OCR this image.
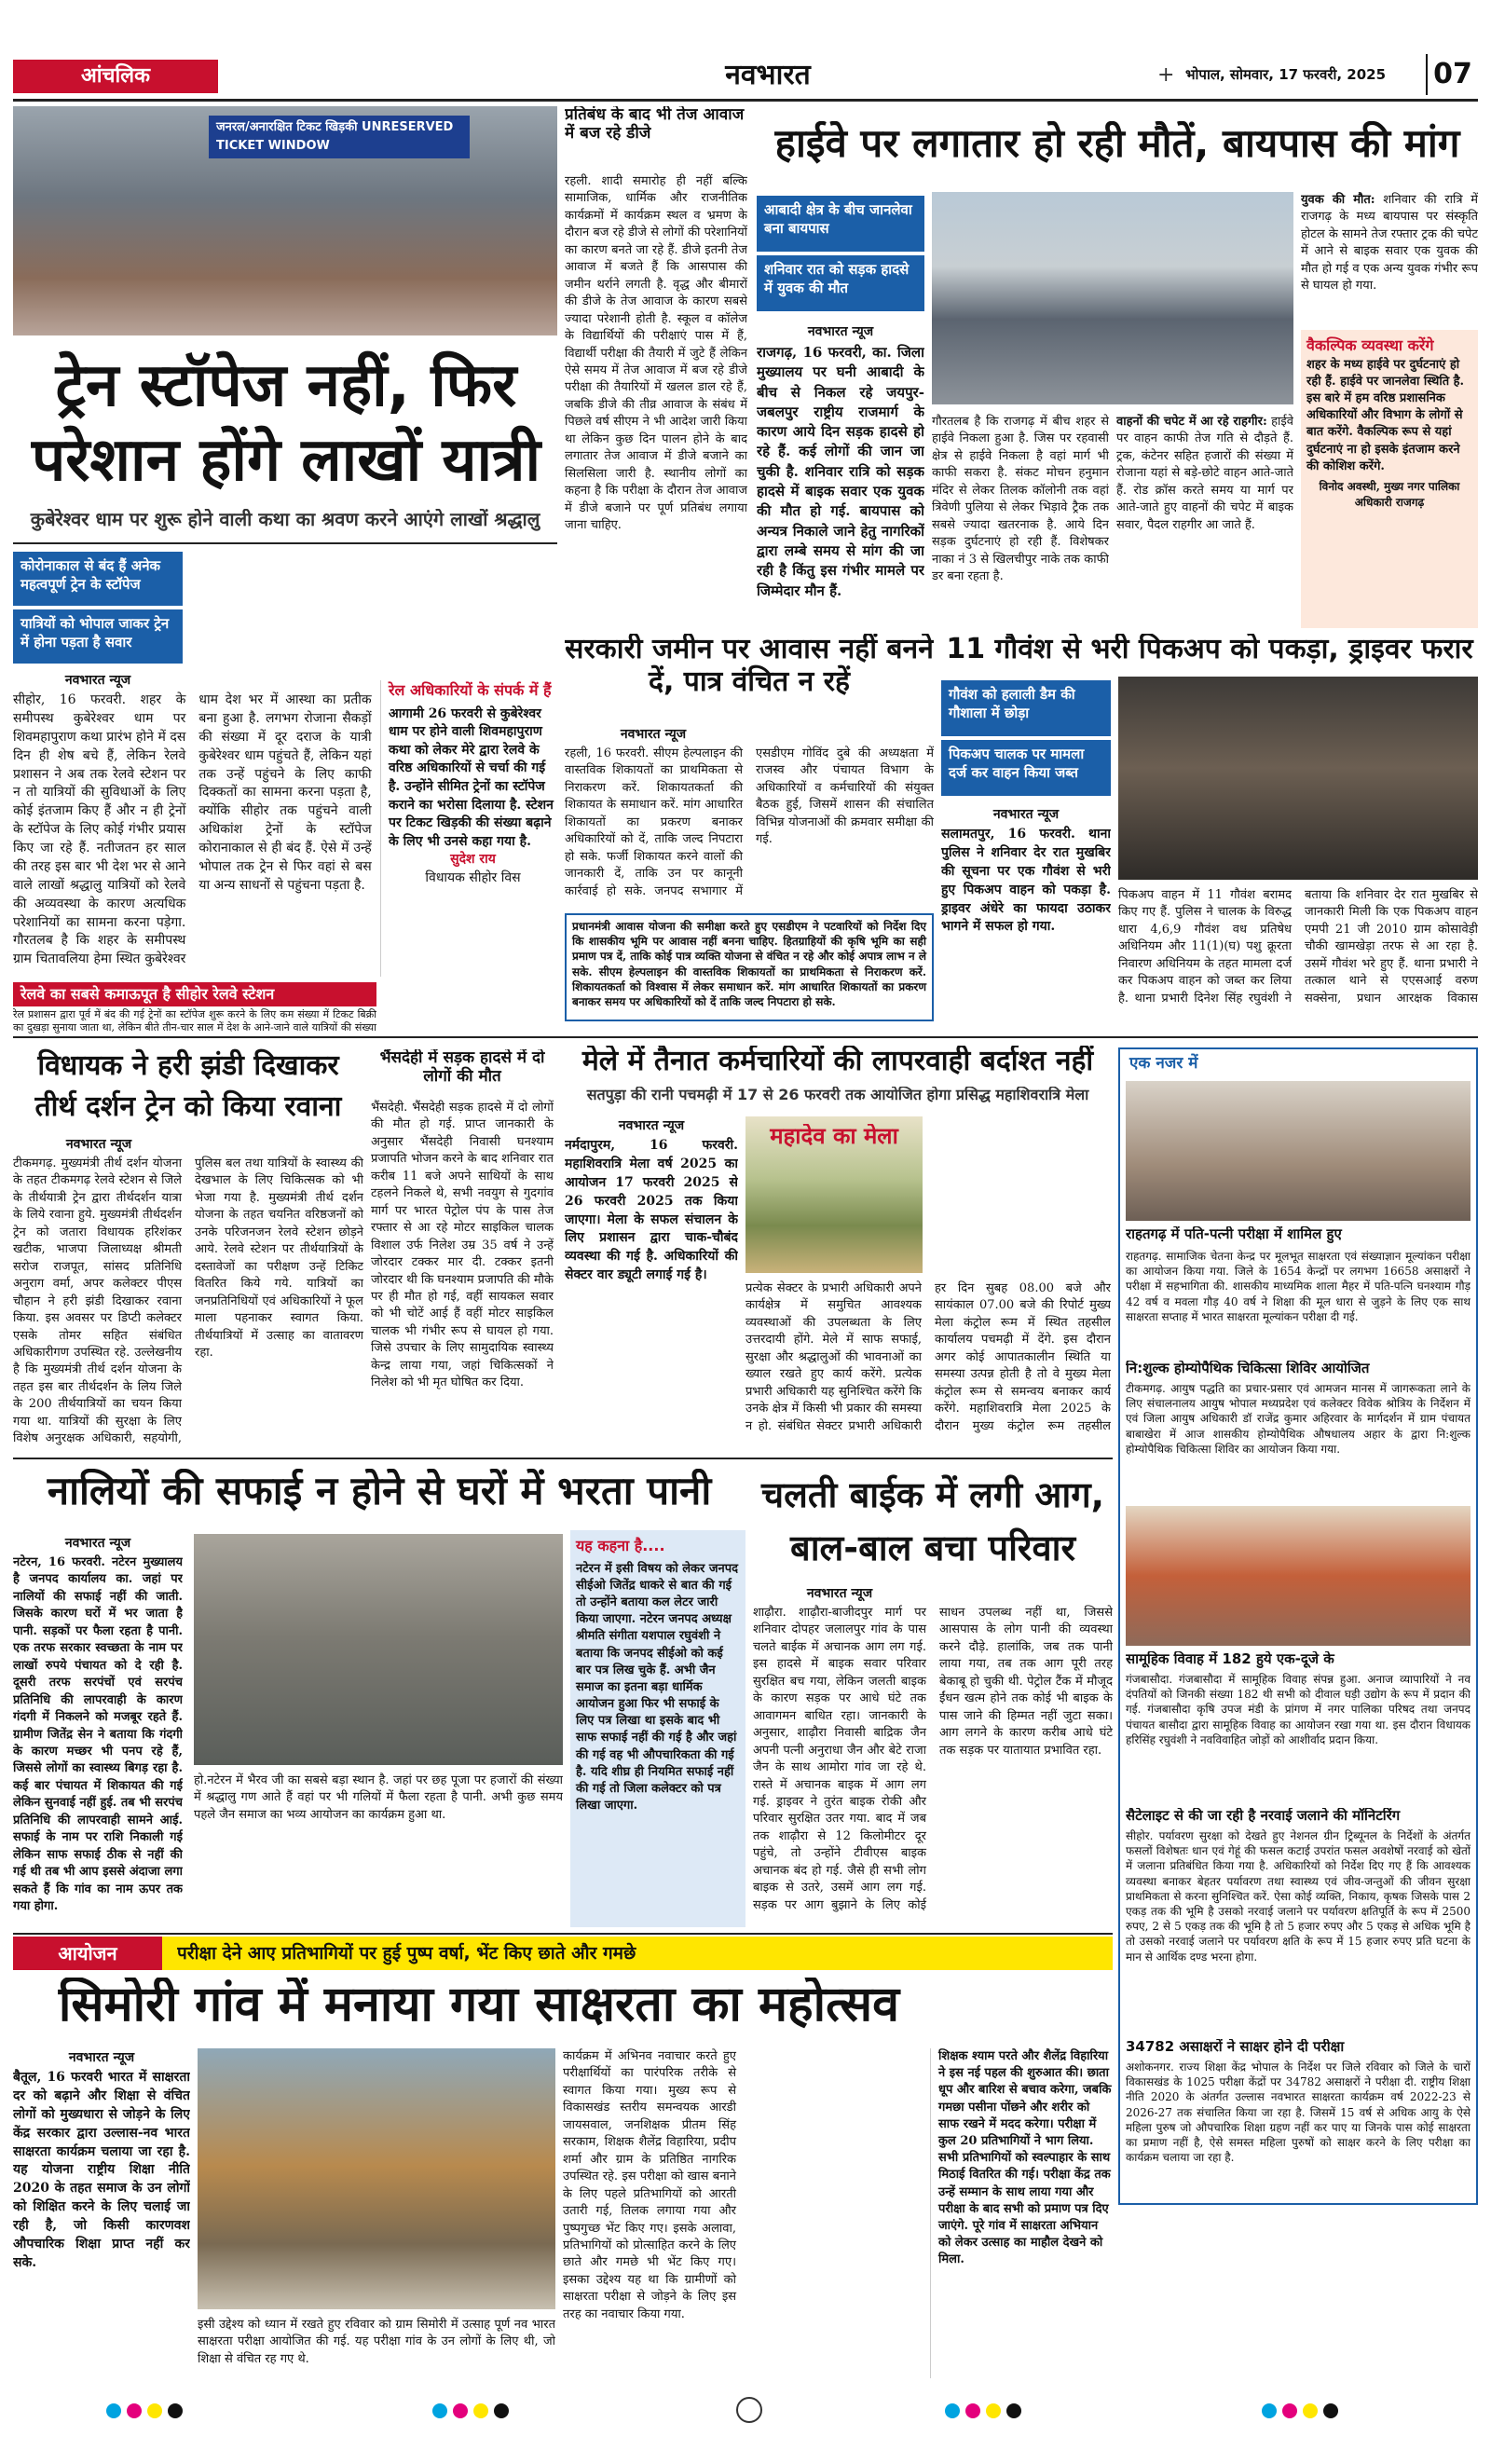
आंचलिक	नवभारत	+ भोपाल, सोमवार, 17 फरवरी, 2025	07
जनरल/अनारक्षित टिकट खिड़की UNRESERVED TICKET WINDOW
ट्रेन स्टॉपेज नहीं, फिर परेशान होंगे लाखों यात्री
कुबेरेश्वर धाम पर शुरू होने वाली कथा का श्रवण करने आएंगे लाखों श्रद्धालु
कोरोनाकाल से बंद हैं अनेक महत्वपूर्ण ट्रेन के स्टॉपेज
यात्रियों को भोपाल जाकर ट्रेन में होना पड़ता है सवार
नवभारत न्यूज
सीहोर, 16 फरवरी. शहर के समीपस्थ कुबेरेश्वर धाम पर शिवमहापुराण कथा प्रारंभ होने में दस दिन ही शेष बचे हैं, लेकिन रेलवे प्रशासन ने अब तक रेलवे स्टेशन पर न तो यात्रियों की सुविधाओं के लिए कोई इंतजाम किए हैं और न ही ट्रेनों के स्टॉपेज के लिए कोई गंभीर प्रयास किए जा रहे हैं. नतीजतन हर साल की तरह इस बार भी देश भर से आने वाले लाखों श्रद्धालु यात्रियों को रेलवे की अव्यवस्था के कारण अत्यधिक परेशानियों का सामना करना पड़ेगा. गौरतलब है कि शहर के समीपस्थ ग्राम चितावलिया हेमा स्थित कुबेरेश्वर धाम देश भर में आस्था का प्रतीक बना हुआ है. लगभग रोजाना सैकड़ों की संख्या में दूर दराज के यात्री कुबेरेश्वर धाम पहुंचते हैं, लेकिन यहां तक उन्हें पहुंचने के लिए काफी दिक्कतों का सामना करना पड़ता है, क्योंकि सीहोर तक पहुंचने वाली अधिकांश ट्रेनों के स्टॉपेज कोरानाकाल से ही बंद हैं. ऐसे में उन्हें भोपाल तक ट्रेन से फिर वहां से बस या अन्य साधनों से पहुंचना पड़ता है.
रेल अधिकारियों के संपर्क में हैं
आगामी 26 फरवरी से कुबेरेश्वर धाम पर होने वाली शिवमहापुराण कथा को लेकर मेरे द्वारा रेलवे के वरिष्ठ अधिकारियों से चर्चा की गई है. उन्होंने सीमित ट्रेनों का स्टॉपेज कराने का भरोसा दिलाया है. स्टेशन पर टिकट खिड़की की संख्या बढ़ाने के लिए भी उनसे कहा गया है.
सुदेश राय
विधायक सीहोर विस
रेलवे का सबसे कमाऊपूत है सीहोर रेलवे स्टेशन
रेल प्रशासन द्वारा पूर्व में बंद की गई ट्रेनों का स्टॉपेज शुरू करने के लिए कम संख्या में टिकट बिक्री का दुखड़ा सुनाया जाता था, लेकिन बीते तीन-चार साल में देश के आने-जाने वाले यात्रियों की संख्या
प्रतिबंध के बाद भी तेज आवाज में बज रहे डीजे
रहली. शादी समारोह ही नहीं बल्कि सामाजिक, धार्मिक और राजनीतिक कार्यक्रमों में कार्यक्रम स्थल व भ्रमण के दौरान बज रहे डीजे से लोगों की परेशानियों का कारण बनते जा रहे हैं. डीजे इतनी तेज आवाज में बजते हैं कि आसपास की जमीन थर्राने लगती है. वृद्ध और बीमारों की डीजे के तेज आवाज के कारण सबसे ज्यादा परेशानी होती है. स्कूल व कॉलेज के विद्यार्थियों की परीक्षाएं पास में हैं, विद्यार्थी परीक्षा की तैयारी में जुटे हैं लेकिन ऐसे समय में तेज आवाज में बज रहे डीजे परीक्षा की तैयारियों में खलल डाल रहे हैं, जबकि डीजे की तीव्र आवाज के संबंध में पिछले वर्ष सीएम ने भी आदेश जारी किया था लेकिन कुछ दिन पालन होने के बाद लगातार तेज आवाज में डीजे बजाने का सिलसिला जारी है. स्थानीय लोगों का कहना है कि परीक्षा के दौरान तेज आवाज में डीजे बजाने पर पूर्ण प्रतिबंध लगाया जाना चाहिए.
हाईवे पर लगातार हो रही मौतें, बायपास की मांग
आबादी क्षेत्र के बीच जानलेवा बना बायपास
शनिवार रात को सड़क हादसे में युवक की मौत
नवभारत न्यूज
राजगढ़, 16 फरवरी, का. जिला मुख्यालय पर घनी आबादी के बीच से निकल रहे जयपुर-जबलपुर राष्ट्रीय राजमार्ग के कारण आये दिन सड़क हादसे हो रहे हैं. कई लोगों की जान जा चुकी है. शनिवार रात्रि को सड़क हादसे में बाइक सवार एक युवक की मौत हो गई. बायपास को अन्यत्र निकाले जाने हेतु नागरिकों द्वारा लम्बे समय से मांग की जा रही है किंतु इस गंभीर मामले पर जिम्मेदार मौन हैं.
गौरतलब है कि राजगढ़ में बीच शहर से हाईवे निकला हुआ है. जिस पर रहवासी क्षेत्र से हाईवे निकला है वहां मार्ग भी काफी सकरा है. संकट मोचन हनुमान मंदिर से लेकर तिलक कॉलोनी तक वहां त्रिवेणी पुलिया से लेकर भिड़ावे ट्रैक तक सबसे ज्यादा खतरनाक है. आये दिन सड़क दुर्घटनाएं हो रही हैं. विशेषकर नाका नं 3 से खिलचीपुर नाके तक काफी डर बना रहता है.
वाहनों की चपेट में आ रहे राहगीर: हाईवे पर वाहन काफी तेज गति से दौड़ते हैं. ट्रक, कंटेनर सहित हजारों की संख्या में रोजाना यहां से बड़े-छोटे वाहन आते-जाते हैं. रोड क्रॉस करते समय या मार्ग पर आते-जाते हुए वाहनों की चपेट में बाइक सवार, पैदल राहगीर आ जाते हैं.
युवक की मौत: शनिवार की रात्रि में राजगढ़ के मध्य बायपास पर संस्कृति होटल के सामने तेज रफ्तार ट्रक की चपेट में आने से बाइक सवार एक युवक की मौत हो गई व एक अन्य युवक गंभीर रूप से घायल हो गया.
वैकल्पिक व्यवस्था करेंगे
शहर के मध्य हाईवे पर दुर्घटनाएं हो रही हैं. हाईवे पर जानलेवा स्थिति है. इस बारे में हम वरिष्ठ प्रशासनिक अधिकारियों और विभाग के लोगों से बात करेंगे. वैकल्पिक रूप से यहां दुर्घटनाएं ना हो इसके इंतजाम करने की कोशिश करेंगे.
विनोद अवस्थी, मुख्य नगर पालिका अधिकारी राजगढ़
सरकारी जमीन पर आवास नहीं बनने दें, पात्र वंचित न रहें
नवभारत न्यूज
रहली, 16 फरवरी. सीएम हेल्पलाइन की वास्तविक शिकायतों का प्राथमिकता से निराकरण करें. शिकायतकर्ता की शिकायत के समाधान करें. मांग आधारित शिकायतों का प्रकरण बनाकर अधिकारियों को दें, ताकि जल्द निपटारा हो सके. फर्जी शिकायत करने वालों की जानकारी दें, ताकि उन पर कानूनी कार्रवाई हो सके. जनपद सभागार में एसडीएम गोविंद दुबे की अध्यक्षता में राजस्व और पंचायत विभाग के अधिकारियों व कर्मचारियों की संयुक्त बैठक हुई, जिसमें शासन की संचालित विभिन्न योजनाओं की क्रमवार समीक्षा की गई.
प्रधानमंत्री आवास योजना की समीक्षा करते हुए एसडीएम ने पटवारियों को निर्देश दिए कि शासकीय भूमि पर आवास नहीं बनना चाहिए. हितग्राहियों की कृषि भूमि का सही प्रमाण पत्र दें, ताकि कोई पात्र व्यक्ति योजना से वंचित न रहे और कोई अपात्र लाभ न ले सके. सीएम हेल्पलाइन की वास्तविक शिकायतों का प्राथमिकता से निराकरण करें. शिकायतकर्ता को विश्वास में लेकर समाधान करें. मांग आधारित शिकायतों का प्रकरण बनाकर समय पर अधिकारियों को दें ताकि जल्द निपटारा हो सके.
11 गौवंश से भरी पिकअप को पकड़ा, ड्राइवर फरार
गौवंश को हलाली डैम की गौशाला में छोड़ा
पिकअप चालक पर मामला दर्ज कर वाहन किया जब्त
नवभारत न्यूज
सलामतपुर, 16 फरवरी. थाना पुलिस ने शनिवार देर रात मुखबिर की सूचना पर एक गौवंश से भरी हुए पिकअप वाहन को पकड़ा है. ड्राइवर अंधेरे का फायदा उठाकर भागने में सफल हो गया.
पिकअप वाहन में 11 गौवंश बरामद किए गए हैं. पुलिस ने चालक के विरुद्ध धारा 4,6,9 गौवंश वध प्रतिषेध अधिनियम और 11(1)(घ) पशु क्रूरता निवारण अधिनियम के तहत मामला दर्ज कर पिकअप वाहन को जब्त कर लिया है. थाना प्रभारी दिनेश सिंह रघुवंशी ने बताया कि शनिवार देर रात मुखबिर से जानकारी मिली कि एक पिकअप वाहन एमपी 21 जी 2010 ग्राम कोसावेड़ी चौकी खामखेड़ा तरफ से आ रहा है. उसमें गौवंश भरे हुए हैं. थाना प्रभारी ने तत्काल थाने से एएसआई वरुण सक्सेना, प्रधान आरक्षक विकास
विधायक ने हरी झंडी दिखाकर तीर्थ दर्शन ट्रेन को किया रवाना
नवभारत न्यूज
टीकमगढ़. मुख्यमंत्री तीर्थ दर्शन योजना के तहत टीकमगढ़ रेलवे स्टेशन से जिले के तीर्थयात्री ट्रेन द्वारा तीर्थदर्शन यात्रा के लिये रवाना हुये. मुख्यमंत्री तीर्थदर्शन ट्रेन को जतारा विधायक हरिशंकर खटीक, भाजपा जिलाध्यक्ष श्रीमती सरोज राजपूत, सांसद प्रतिनिधि अनुराग वर्मा, अपर कलेक्टर पीएस चौहान ने हरी झंडी दिखाकर रवाना किया. इस अवसर पर डिप्टी कलेक्टर एसके तोमर सहित संबंधित अधिकारीगण उपस्थित रहे. उल्लेखनीय है कि मुख्यमंत्री तीर्थ दर्शन योजना के तहत इस बार तीर्थदर्शन के लिय जिले के 200 तीर्थयात्रियों का चयन किया गया था. यात्रियों की सुरक्षा के लिए विशेष अनुरक्षक अधिकारी, सहयोगी, पुलिस बल तथा यात्रियों के स्वास्थ्य की देखभाल के लिए चिकित्सक को भी भेजा गया है. मुख्यमंत्री तीर्थ दर्शन योजना के तहत चयनित वरिष्ठजनों को उनके परिजनजन रेलवे स्टेशन छोड़ने आये. रेलवे स्टेशन पर तीर्थयात्रियों के दस्तावेजों का परीक्षण उन्हें टिकिट वितरित किये गये. यात्रियों का जनप्रतिनिधियों एवं अधिकारियों ने फूल माला पहनाकर स्वागत किया. तीर्थयात्रियों में उत्साह का वातावरण रहा.
भैंसदेही में सड़क हादसे में दो लोगों की मौत
भैंसदेही. भैंसदेही सड़क हादसे में दो लोगों की मौत हो गई. प्राप्त जानकारी के अनुसार भैंसदेही निवासी घनश्याम प्रजापति भोजन करने के बाद शनिवार रात करीब 11 बजे अपने साथियों के साथ टहलने निकले थे, सभी नवयुग से गुदगांव मार्ग पर भारत पेट्रोल पंप के पास तेज रफ्तार से आ रहे मोटर साइकिल चालक विशाल उर्फ निलेश उम्र 35 वर्ष ने उन्हें जोरदार टक्कर मार दी. टक्कर इतनी जोरदार थी कि घनश्याम प्रजापति की मौके पर ही मौत हो गई, वहीं सायकल सवार को भी चोटें आई हैं वहीं मोटर साइकिल चालक भी गंभीर रूप से घायल हो गया. जिसे उपचार के लिए सामुदायिक स्वास्थ्य केन्द्र लाया गया, जहां चिकित्सकों ने निलेश को भी मृत घोषित कर दिया.
मेले में तैनात कर्मचारियों की लापरवाही बर्दाश्त नहीं
सतपुड़ा की रानी पचमढ़ी में 17 से 26 फरवरी तक आयोजित होगा प्रसिद्ध महाशिवरात्रि मेला
नवभारत न्यूज
नर्मदापुरम, 16 फरवरी. महाशिवरात्रि मेला वर्ष 2025 का आयोजन 17 फरवरी 2025 से 26 फरवरी 2025 तक किया जाएगा। मेला के सफल संचालन के लिए प्रशासन द्वारा चाक-चौबंद व्यवस्था की गई है. अधिकारियों की सेक्टर वार ड्यूटी लगाई गई है।
महादेव का मेला
प्रत्येक सेक्टर के प्रभारी अधिकारी अपने कार्यक्षेत्र में समुचित आवश्यक व्यवस्थाओं की उपलब्धता के लिए उत्तरदायी होंगे. मेले में साफ सफाई, सुरक्षा और श्रद्धालुओं की भावनाओं का ख्याल रखते हुए कार्य करेंगे. प्रत्येक प्रभारी अधिकारी यह सुनिश्चित करेंगे कि उनके क्षेत्र में किसी भी प्रकार की समस्या न हो. संबंधित सेक्टर प्रभारी अधिकारी हर दिन सुबह 08.00 बजे और सायंकाल 07.00 बजे की रिपोर्ट मुख्य मेला कंट्रोल रूम में स्थित तहसील कार्यालय पचमढ़ी में देंगे. इस दौरान अगर कोई आपातकालीन स्थिति या समस्या उत्पन्न होती है तो वे मुख्य मेला कंट्रोल रूम से समन्वय बनाकर कार्य करेंगे. महाशिवरात्रि मेला 2025 के दौरान मुख्य कंट्रोल रूम तहसील
एक नजर में
राहतगढ़ में पति-पत्नी परीक्षा में शामिल हुए
राहतगढ़. सामाजिक चेतना केन्द्र पर मूलभूत साक्षरता एवं संख्याज्ञान मूल्यांकन परीक्षा का आयोजन किया गया. जिले के 1654 केन्द्रों पर लगभग 16658 असाक्षरों ने परीक्षा में सहभागिता की. शासकीय माध्यमिक शाला मैहर में पति-पत्नि घनश्याम गौड़ 42 वर्ष व मवला गौड़ 40 वर्ष ने शिक्षा की मूल धारा से जुड़ने के लिए एक साथ साक्षरता सप्ताह में भारत साक्षरता मूल्यांकन परीक्षा दी गई.
नि:शुल्क होम्योपैथिक चिकित्सा शिविर आयोजित
टीकमगढ़. आयुष पद्धति का प्रचार-प्रसार एवं आमजन मानस में जागरूकता लाने के लिए संचालनालय आयुष भोपाल मध्यप्रदेश एवं कलेक्टर विवेक श्रोत्रिय के निर्देशन में एवं जिला आयुष अधिकारी डॉ राजेंद्र कुमार अहिरवार के मार्गदर्शन में ग्राम पंचायत बाबाखेरा में आज शासकीय होम्योपैथिक औषधालय अहार के द्वारा नि:शुल्क होम्योपैथिक चिकित्सा शिविर का आयोजन किया गया.
सामूहिक विवाह में 182 हुये एक-दूजे के
गंजबासौदा. गंजबासौदा में सामूहिक विवाह संपन्न हुआ. अनाज व्यापारियों ने नव दंपतियों को जिनकी संख्या 182 थी सभी को दीवाल घड़ी उद्योग के रूप में प्रदान की गई. गंजबासौदा कृषि उपज मंडी के प्रांगण में नगर पालिका परिषद तथा जनपद पंचायत बासौदा द्वारा सामूहिक विवाह का आयोजन रखा गया था. इस दौरान विधायक हरिसिंह रघुवंशी ने नवविवाहित जोड़ों को आशीर्वाद प्रदान किया.
सैटेलाइट से की जा रही है नरवाई जलाने की मॉनिटरिंग
सीहोर. पर्यावरण सुरक्षा को देखते हुए नेशनल ग्रीन ट्रिब्यूनल के निर्देशों के अंतर्गत फसलों विशेषतः धान एवं गेहूं की फसल कटाई उपरांत फसल अवशेषों नरवाई को खेतों में जलाना प्रतिबंधित किया गया है. अधिकारियों को निर्देश दिए गए हैं कि आवश्यक व्यवस्था बनाकर बेहतर पर्यावरण तथा स्वास्थ्य एवं जीव-जन्तुओं की जीवन सुरक्षा प्राथमिकता से करना सुनिश्चित करें. ऐसा कोई व्यक्ति, निकाय, कृषक जिसके पास 2 एकड़ तक की भूमि है उसको नरवाई जलाने पर पर्यावरण क्षतिपूर्ति के रूप में 2500 रुपए, 2 से 5 एकड़ तक की भूमि है तो 5 हजार रुपए और 5 एकड़ से अधिक भूमि है तो उसको नरवाई जलाने पर पर्यावरण क्षति के रूप में 15 हजार रुपए प्रति घटना के मान से आर्थिक दण्ड भरना होगा.
34782 असाक्षरों ने साक्षर होने दी परीक्षा
अशोकनगर. राज्य शिक्षा केंद्र भोपाल के निर्देश पर जिले रविवार को जिले के चारों विकासखंड के 1025 परीक्षा केंद्रों पर 34782 असाक्षरों ने परीक्षा दी. राष्ट्रीय शिक्षा नीति 2020 के अंतर्गत उल्लास नवभारत साक्षरता कार्यक्रम वर्ष 2022-23 से 2026-27 तक संचालित किया जा रहा है. जिसमें 15 वर्ष से अधिक आयु के ऐसे महिला पुरुष जो औपचारिक शिक्षा ग्रहण नहीं कर पाए या जिनके पास कोई साक्षरता का प्रमाण नहीं है, ऐसे समस्त महिला पुरुषों को साक्षर करने के लिए परीक्षा का कार्यक्रम चलाया जा रहा है.
नालियों की सफाई न होने से घरों में भरता पानी
नवभारत न्यूज
नटेरन, 16 फरवरी. नटेरन मुख्यालय है जनपद कार्यालय का. जहां पर नालियों की सफाई नहीं की जाती. जिसके कारण घरों में भर जाता है पानी. सड़कों पर फैला रहता है पानी. एक तरफ सरकार स्वच्छता के नाम पर लाखों रुपये पंचायत को दे रही है. दूसरी तरफ सरपंचों एवं सरपंच प्रतिनिधि की लापरवाही के कारण गंदगी में निकलने को मजबूर रहते हैं. ग्रामीण जितेंद्र सेन ने बताया कि गंदगी के कारण मच्छर भी पनप रहे हैं, जिससे लोगों का स्वास्थ्य बिगड़ रहा है. कई बार पंचायत में शिकायत की गई लेकिन सुनवाई नहीं हुई. तब भी सरपंच प्रतिनिधि की लापरवाही सामने आई. सफाई के नाम पर राशि निकाली गई लेकिन साफ सफाई ठीक से नहीं की गई थी तब भी आप इससे अंदाजा लगा सकते हैं कि गांव का नाम ऊपर तक गया होगा.
हो.नटेरन में भैरव जी का सबसे बड़ा स्थान है. जहां पर छह पूजा पर हजारों की संख्या में श्रद्धालु गण आते हैं वहां पर भी गलियों में फैला रहता है पानी. अभी कुछ समय पहले जैन समाज का भव्य आयोजन का कार्यक्रम हुआ था.
यह कहना है....
नटेरन में इसी विषय को लेकर जनपद सीईओ जितेंद्र धाकरे से बात की गई तो उन्होंने बताया कल लेटर जारी किया जाएगा. नटेरन जनपद अध्यक्ष श्रीमति संगीता यशपाल रघुवंशी ने बताया कि जनपद सीईओ को कई बार पत्र लिख चुके हैं. अभी जैन समाज का इतना बड़ा धार्मिक आयोजन हुआ फिर भी सफाई के लिए पत्र लिखा था इसके बाद भी साफ सफाई नहीं की गई है और जहां की गई वह भी औपचारिकता की गई है. यदि शीघ्र ही नियमित सफाई नहीं की गई तो जिला कलेक्टर को पत्र लिखा जाएगा.
चलती बाईक में लगी आग, बाल-बाल बचा परिवार
नवभारत न्यूज
शाढ़ौरा. शाढ़ौरा-बाजीदपुर मार्ग पर शनिवार दोपहर जलालपुर गांव के पास चलते बाईक में अचानक आग लग गई. इस हादसे में बाइक सवार परिवार सुरक्षित बच गया, लेकिन जलती बाइक के कारण सड़क पर आधे घंटे तक आवागमन बाधित रहा। जानकारी के अनुसार, शाढ़ौरा निवासी बाद्रिक जैन अपनी पत्नी अनुराधा जैन और बेटे राजा जैन के साथ आमोरा गांव जा रहे थे. रास्ते में अचानक बाइक में आग लग गई. ड्राइवर ने तुरंत बाइक रोकी और परिवार सुरक्षित उतर गया. बाद में जब तक शाढ़ौरा से 12 किलोमीटर दूर पहुंचे, तो उन्होंने टीवीएस बाइक अचानक बंद हो गई. जैसे ही सभी लोग बाइक से उतरे, उसमें आग लग गई. सड़क पर आग बुझाने के लिए कोई साधन उपलब्ध नहीं था, जिससे आसपास के लोग पानी की व्यवस्था करने दौड़े. हालांकि, जब तक पानी लाया गया, तब तक आग पूरी तरह बेकाबू हो चुकी थी. पेट्रोल टैंक में मौजूद ईंधन खत्म होने तक कोई भी बाइक के पास जाने की हिम्मत नहीं जुटा सका। आग लगने के कारण करीब आधे घंटे तक सड़क पर यातायात प्रभावित रहा.
आयोजन	परीक्षा देने आए प्रतिभागियों पर हुई पुष्प वर्षा, भेंट किए छाते और गमछे
सिमोरी गांव में मनाया गया साक्षरता का महोत्सव
नवभारत न्यूज
बैतूल, 16 फरवरी भारत में साक्षरता दर को बढ़ाने और शिक्षा से वंचित लोगों को मुख्यधारा से जोड़ने के लिए केंद्र सरकार द्वारा उल्लास-नव भारत साक्षरता कार्यक्रम चलाया जा रहा है. यह योजना राष्ट्रीय शिक्षा नीति 2020 के तहत समाज के उन लोगों को शिक्षित करने के लिए चलाई जा रही है, जो किसी कारणवश औपचारिक शिक्षा प्राप्त नहीं कर सके.
इसी उद्देश्य को ध्यान में रखते हुए रविवार को ग्राम सिमोरी में उत्साह पूर्ण नव भारत साक्षरता परीक्षा आयोजित की गई. यह परीक्षा गांव के उन लोगों के लिए थी, जो शिक्षा से वंचित रह गए थे.
कार्यक्रम में अभिनव नवाचार करते हुए परीक्षार्थियों का पारंपरिक तरीके से स्वागत किया गया। मुख्य रूप से विकासखंड स्तरीय समन्वयक आरडी जायसवाल, जनशिक्षक प्रीतम सिंह सरकाम, शिक्षक शैलेंद्र विहारिया, प्रदीप शर्मा और ग्राम के प्रतिष्ठित नागरिक उपस्थित रहे. इस परीक्षा को खास बनाने के लिए पहले प्रतिभागियों को आरती उतारी गई, तिलक लगाया गया और पुष्पगुच्छ भेंट किए गए। इसके अलावा, प्रतिभागियों को प्रोत्साहित करने के लिए छाते और गमछे भी भेंट किए गए। इसका उद्देश्य यह था कि ग्रामीणों को साक्षरता परीक्षा से जोड़ने के लिए इस तरह का नवाचार किया गया.
शिक्षक श्याम परते और शैलेंद्र विहारिया ने इस नई पहल की शुरुआत की। छाता धूप और बारिश से बचाव करेगा, जबकि गमछा पसीना पोंछने और शरीर को साफ रखने में मदद करेगा। परीक्षा में कुल 20 प्रतिभागियों ने भाग लिया. सभी प्रतिभागियों को स्वल्पाहार के साथ मिठाई वितरित की गई। परीक्षा केंद्र तक उन्हें सम्मान के साथ लाया गया और परीक्षा के बाद सभी को प्रमाण पत्र दिए जाएंगे. पूरे गांव में साक्षरता अभियान को लेकर उत्साह का माहौल देखने को मिला.
